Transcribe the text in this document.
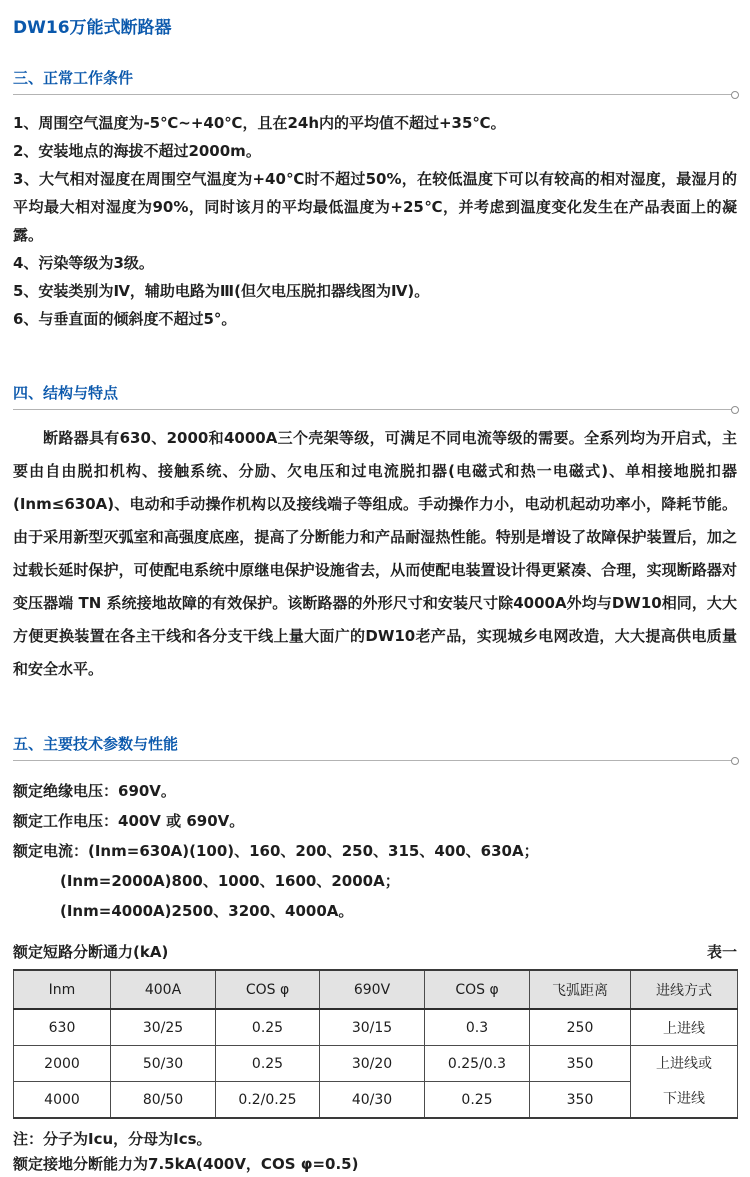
DW16万能式断路器
三、正常工作条件

1、周围空气温度为-5℃~+40℃，且在24h内的平均值不超过+35℃。

2、安装地点的海拔不超过2000m。

3、大气相对湿度在周围空气温度为+40℃时不超过50%，在较低温度下可以有较高的相对湿度，最湿月的平均最大相对湿度为90%，同时该月的平均最低温度为+25℃，并考虑到温度变化发生在产品表面上的凝露。

4、污染等级为3级。

5、安装类别为Ⅳ，辅助电路为Ⅲ(但欠电压脱扣器线图为Ⅳ)。

6、与垂直面的倾斜度不超过5°。

四、结构与特点

断路器具有630、2000和4000A三个壳架等级，可满足不同电流等级的需要。全系列均为开启式，主要由自由脱扣机构、接触系统、分励、欠电压和过电流脱扣器(电磁式和热一电磁式)、单相接地脱扣器(Inm≤630A)、电动和手动操作机构以及接线端子等组成。手动操作力小，电动机起动功率小，降耗节能。由于采用新型灭弧室和高强度底座，提高了分断能力和产品耐湿热性能。特别是增设了故障保护装置后，加之过载长延时保护，可使配电系统中原继电保护设施省去，从而使配电装置设计得更紧凑、合理，实现断路器对变压器端 TN 系统接地故障的有效保护。该断路器的外形尺寸和安装尺寸除4000A外均与DW10相同，大大方便更换装置在各主干线和各分支干线上量大面广的DW10老产品，实现城乡电网改造，大大提高供电质量和安全水平。

五、主要技术参数与性能
额定绝缘电压：690V。
额定工作电压：400V 或 690V。
额定电流：(Inm=630A)(100)、160、200、250、315、400、630A；
(Inm=2000A)800、1000、1600、2000A；
(Inm=4000A)2500、3200、4000A。
额定短路分断通力(kA)	表一
Inm	400A	COS φ	690V	COS φ	飞弧距离	进线方式
630	30/25	0.25	30/15	0.3	250	上进线
2000	50/30	0.25	30/20	0.25/0.3	350	上进线或
下进线

4000	80/50	0.2/0.25	40/30	0.25	350	
注：分子为Icu，分母为Ics。
额定接地分断能力为7.5kA(400V，COS φ=0.5)
